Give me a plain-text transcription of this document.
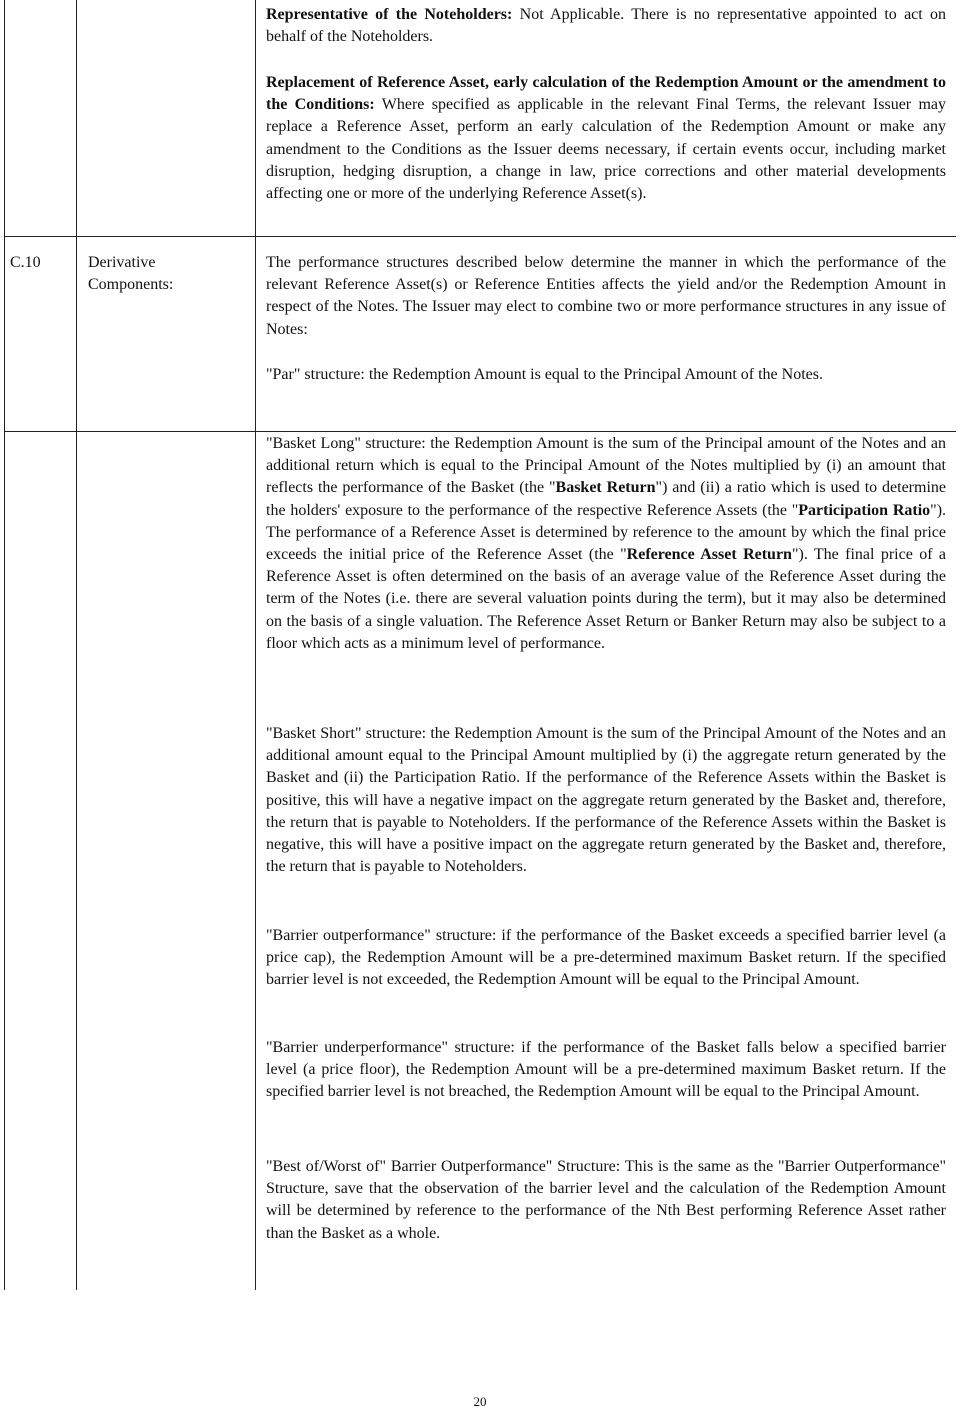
Representative of the Noteholders: Not Applicable. There is no representative appointed to act on behalf of the Noteholders.

Replacement of Reference Asset, early calculation of the Redemption Amount or the amendment to the Conditions: Where specified as applicable in the relevant Final Terms, the relevant Issuer may replace a Reference Asset, perform an early calculation of the Redemption Amount or make any amendment to the Conditions as the Issuer deems necessary, if certain events occur, including market disruption, hedging disruption, a change in law, price corrections and other material developments affecting one or more of the underlying Reference Asset(s).

C.10	Derivative
Components:

The performance structures described below determine the manner in which the performance of the relevant Reference Asset(s) or Reference Entities affects the yield and/or the Redemption Amount in respect of the Notes. The Issuer may elect to combine two or more performance structures in any issue of Notes:

"Par" structure: the Redemption Amount is equal to the Principal Amount of the Notes.

"Basket Long" structure: the Redemption Amount is the sum of the Principal amount of the Notes and an additional return which is equal to the Principal Amount of the Notes multiplied by (i) an amount that reflects the performance of the Basket (the "Basket Return") and (ii) a ratio which is used to determine the holders' exposure to the performance of the respective Reference Assets (the "Participation Ratio"). The performance of a Reference Asset is determined by reference to the amount by which the final price exceeds the initial price of the Reference Asset (the "Reference Asset Return"). The final price of a Reference Asset is often determined on the basis of an average value of the Reference Asset during the term of the Notes (i.e. there are several valuation points during the term), but it may also be determined on the basis of a single valuation. The Reference Asset Return or Banker Return may also be subject to a floor which acts as a minimum level of performance.

"Basket Short" structure: the Redemption Amount is the sum of the Principal Amount of the Notes and an additional amount equal to the Principal Amount multiplied by (i) the aggregate return generated by the Basket and (ii) the Participation Ratio. If the performance of the Reference Assets within the Basket is positive, this will have a negative impact on the aggregate return generated by the Basket and, therefore, the return that is payable to Noteholders. If the performance of the Reference Assets within the Basket is negative, this will have a positive impact on the aggregate return generated by the Basket and, therefore, the return that is payable to Noteholders.

"Barrier outperformance" structure: if the performance of the Basket exceeds a specified barrier level (a price cap), the Redemption Amount will be a pre-determined maximum Basket return. If the specified barrier level is not exceeded, the Redemption Amount will be equal to the Principal Amount.

"Barrier underperformance" structure: if the performance of the Basket falls below a specified barrier level (a price floor), the Redemption Amount will be a pre-determined maximum Basket return. If the specified barrier level is not breached, the Redemption Amount will be equal to the Principal Amount.

"Best of/Worst of" Barrier Outperformance" Structure: This is the same as the "Barrier Outperformance" Structure, save that the observation of the barrier level and the calculation of the Redemption Amount will be determined by reference to the performance of the Nth Best performing Reference Asset rather than the Basket as a whole.

20
